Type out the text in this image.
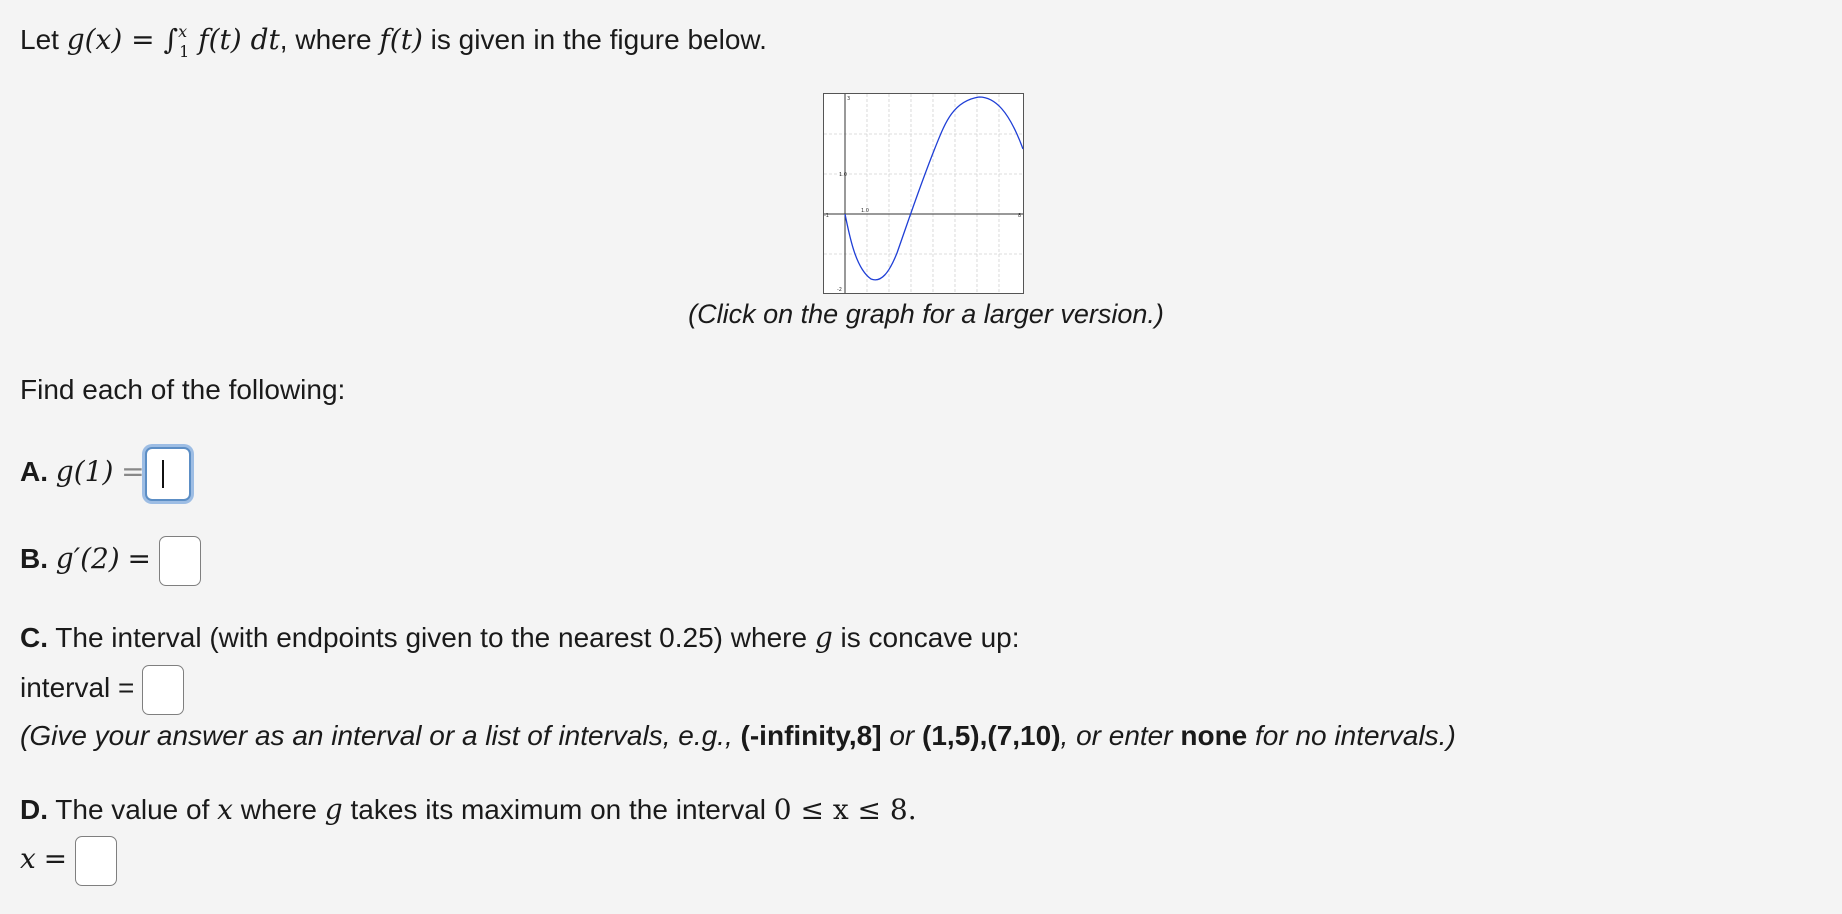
Let g(x) = ∫$^x_1$ f(t) dt, where f(t) is given in the figure below.
3
1.0
-1
1.0
8
-2
(Click on the graph for a larger version.)
Find each of the following:
A. g(1) =
B. g′(2) =
C. The interval (with endpoints given to the nearest 0.25) where g is concave up:
interval =
(Give your answer as an interval or a list of intervals, e.g., (-infinity,8] or (1,5),(7,10), or enter none for no intervals.)
D. The value of x where g takes its maximum on the interval 0 ≤ x ≤ 8.
x =
